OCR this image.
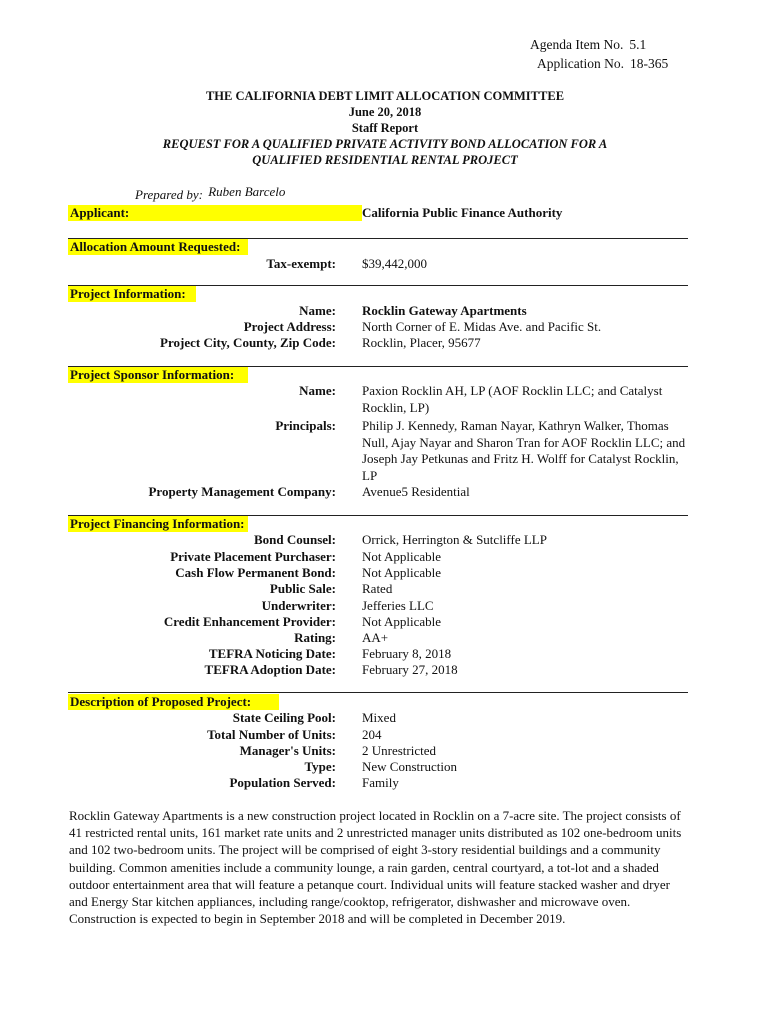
Agenda Item No. 5.1
Application No. 18-365
THE CALIFORNIA DEBT LIMIT ALLOCATION COMMITTEE
June 20, 2018
Staff Report
REQUEST FOR A QUALIFIED PRIVATE ACTIVITY BOND ALLOCATION FOR A
QUALIFIED RESIDENTIAL RENTAL PROJECT
Prepared by: Ruben Barcelo
Applicant:	California Public Finance Authority
Allocation Amount Requested:
Tax-exempt: $39,442,000
Project Information:
Name: Rocklin Gateway Apartments
Project Address: North Corner of E. Midas Ave. and Pacific St.
Project City, County, Zip Code: Rocklin, Placer, 95677
Project Sponsor Information:
Name: Paxion Rocklin AH, LP (AOF Rocklin LLC; and Catalyst Rocklin, LP)
Principals: Philip J. Kennedy, Raman Nayar, Kathryn Walker, Thomas Null, Ajay Nayar and Sharon Tran for AOF Rocklin LLC; and Joseph Jay Petkunas and Fritz H. Wolff for Catalyst Rocklin, LP
Property Management Company: Avenue5 Residential
Project Financing Information:
Bond Counsel: Orrick, Herrington & Sutcliffe LLP
Private Placement Purchaser: Not Applicable
Cash Flow Permanent Bond: Not Applicable
Public Sale: Rated
Underwriter: Jefferies LLC
Credit Enhancement Provider: Not Applicable
Rating: AA+
TEFRA Noticing Date: February 8, 2018
TEFRA Adoption Date: February 27, 2018
Description of Proposed Project:
State Ceiling Pool: Mixed
Total Number of Units: 204
Manager's Units: 2 Unrestricted
Type: New Construction
Population Served: Family
Rocklin Gateway Apartments is a new construction project located in Rocklin on a 7-acre site. The project consists of 41 restricted rental units, 161 market rate units and 2 unrestricted manager units distributed as 102 one-bedroom units and 102 two-bedroom units. The project will be comprised of eight 3-story residential buildings and a community building. Common amenities include a community lounge, a rain garden, central courtyard, a tot-lot and a shaded outdoor entertainment area that will feature a petanque court. Individual units will feature stacked washer and dryer and Energy Star kitchen appliances, including range/cooktop, refrigerator, dishwasher and microwave oven. Construction is expected to begin in September 2018 and will be completed in December 2019.
